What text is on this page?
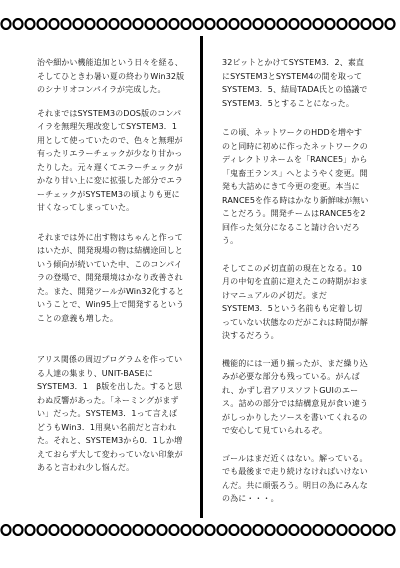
治や細かい機能追加という日々を経る、そしてひときわ暑い夏の終わりWin32版のシナリオコンパイラが完成した。

それまではSYSTEM3のDOS版のコンパイラを無理矢理改変してSYSTEM3．1用として使っていたので、色々と無理が有ったリエラーチェックが少なり甘かったりした。元々遅くてエラーチェックがかなり甘い上に変に拡張した部分でエラーチェックがSYSTEM3の頃よりも更に甘くなってしまっていた。

それまでは外に出す物はちゃんと作ってはいたが、開発現場の物は結構途回しという傾向が続いていた中、このコンパイラの登場で、開発環境はかなり改善された。また、開発ツールがWin32化するということで、Win95上で開発するということの意義も増した。

アリス関係の周辺プログラムを作っている人達の集まり、UNIT-BASEにSYSTEM3．1　β版を出した。すると思わぬ反響があった。「ネーミングがまずい」だった。SYSTEM3．1って言えばどうもWin3．1用臭い名前だと言われた。それと、SYSTEM3から0．1しか増えておらず大して変わっていない印象があると言われ少し悩んだ。

32ビットとかけてSYSTEM3．2、素直にSYSTEM3とSYSTEM4の間を取ってSYSTEM3．5、結局TADA氏との協議でSYSTEM3．5とすることになった。

この頃、ネットワークのHDDを増やすのと同時に初めに作ったネットワークのディレクトリネームを「RANCE5」から「鬼畜王ランス」へとようやく変更。開発も大詰めにきて今更の変更。本当にRANCE5を作る時はかなり新鮮味が無いことだろう。開発チームはRANCE5を2回作った気分になること請け合いだろう。

そしてこの〆切直前の現在となる。10月の中旬を直前に迎えたこの時期がおまけマニュアルの〆切だ。まだSYSTEM3．5という名前もも定着し切っていない状態なのだがこれは時間が解決するだろう。

機能的には一通り揃ったが、まだ繰り込みが必要な部分も残っている。がんばれ、かずし君アリスソフトGUIのエース。詰めの部分では結構意見が食い違うがしっかりしたソースを書いてくれるので安心して見ていられるぞ。

ゴールはまだ近くはない。解っている。でも最後まで走り続けなければいけないんだ。共に頑張ろう。明日の為にみんなの為に・・・。
